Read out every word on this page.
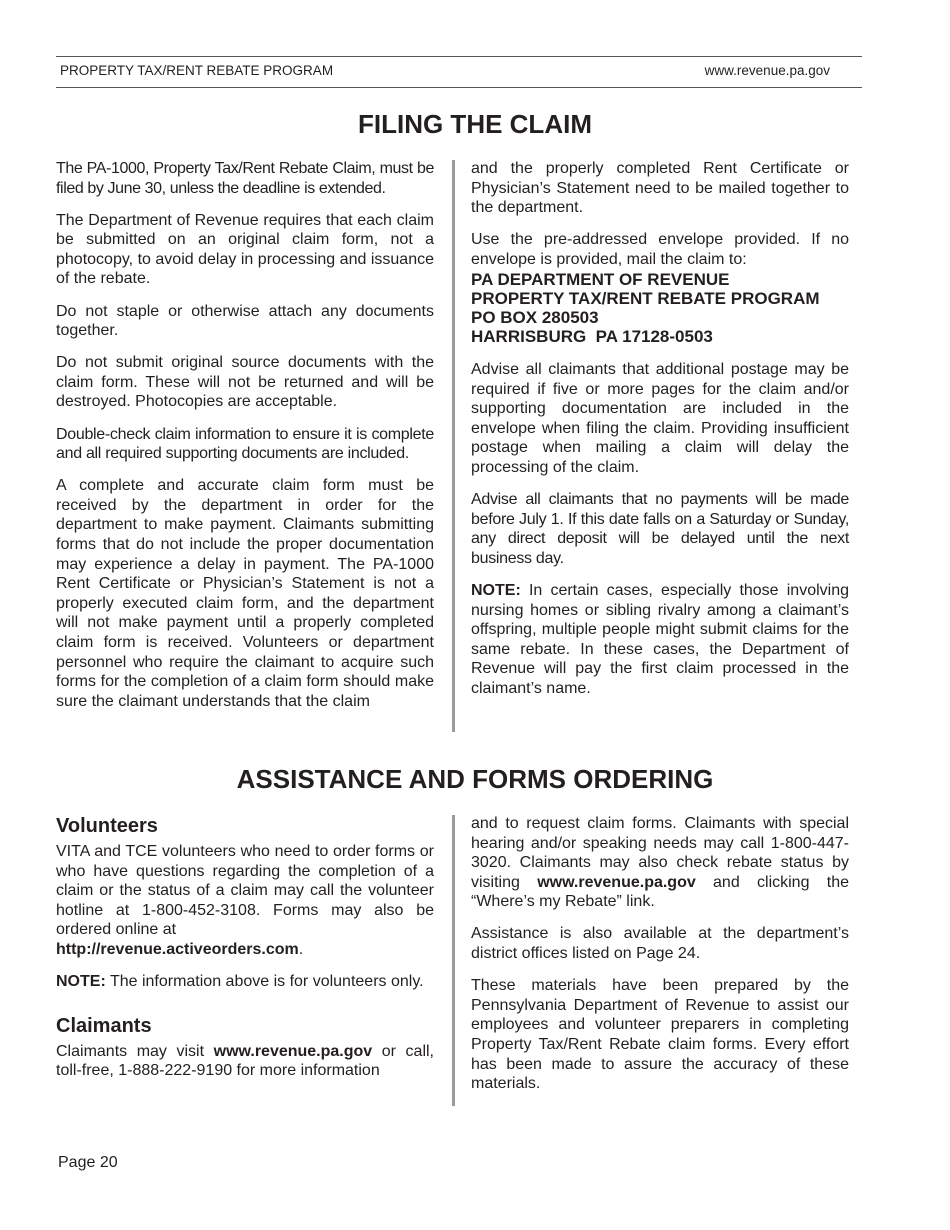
PROPERTY TAX/RENT REBATE PROGRAM	www.revenue.pa.gov
FILING THE CLAIM

The PA-1000, Property Tax/Rent Rebate Claim, must be filed by June 30, unless the deadline is extended.

The Department of Revenue requires that each claim be submitted on an original claim form, not a photocopy, to avoid delay in processing and issuance of the rebate.

Do not staple or otherwise attach any documents together.

Do not submit original source documents with the claim form. These will not be returned and will be destroyed. Photocopies are acceptable.

Double-check claim information to ensure it is complete and all required supporting documents are included.

A complete and accurate claim form must be received by the department in order for the department to make payment. Claimants submitting forms that do not include the proper documentation may experience a delay in payment. The PA-1000 Rent Certificate or Physician’s Statement is not a properly executed claim form, and the department will not make payment until a properly completed claim form is received. Volunteers or department personnel who require the claimant to acquire such forms for the completion of a claim form should make sure the claimant understands that the claim

and the properly completed Rent Certificate or Physician’s Statement need to be mailed together to the department.

Use the pre-addressed envelope provided. If no envelope is provided, mail the claim to:

PA DEPARTMENT OF REVENUE
PROPERTY TAX/RENT REBATE PROGRAM
PO BOX 280503
HARRISBURG  PA 17128-0503

Advise all claimants that additional postage may be required if five or more pages for the claim and/or supporting documentation are included in the envelope when filing the claim. Providing insufficient postage when mailing a claim will delay the processing of the claim.

Advise all claimants that no payments will be made before July 1. If this date falls on a Saturday or Sunday, any direct deposit will be delayed until the next business day.

NOTE: In certain cases, especially those involving nursing homes or sibling rivalry among a claimant’s offspring, multiple people might submit claims for the same rebate. In these cases, the Department of Revenue will pay the first claim processed in the claimant’s name.

ASSISTANCE AND FORMS ORDERING
Volunteers

VITA and TCE volunteers who need to order forms or who have questions regarding the completion of a claim or the status of a claim may call the volunteer hotline at 1-800-452-3108. Forms may also be ordered online at

http://revenue.activeorders.com.

NOTE: The information above is for volunteers only.

Claimants

Claimants may visit www.revenue.pa.gov or call, toll-free, 1-888-222-9190 for more information

and to request claim forms. Claimants with special hearing and/or speaking needs may call 1-800-447-3020. Claimants may also check rebate status by visiting www.revenue.pa.gov and clicking the “Where’s my Rebate” link.

Assistance is also available at the department’s district offices listed on Page 24.

These materials have been prepared by the Pennsylvania Department of Revenue to assist our employees and volunteer preparers in completing Property Tax/Rent Rebate claim forms. Every effort has been made to assure the accuracy of these materials.

Page 20
